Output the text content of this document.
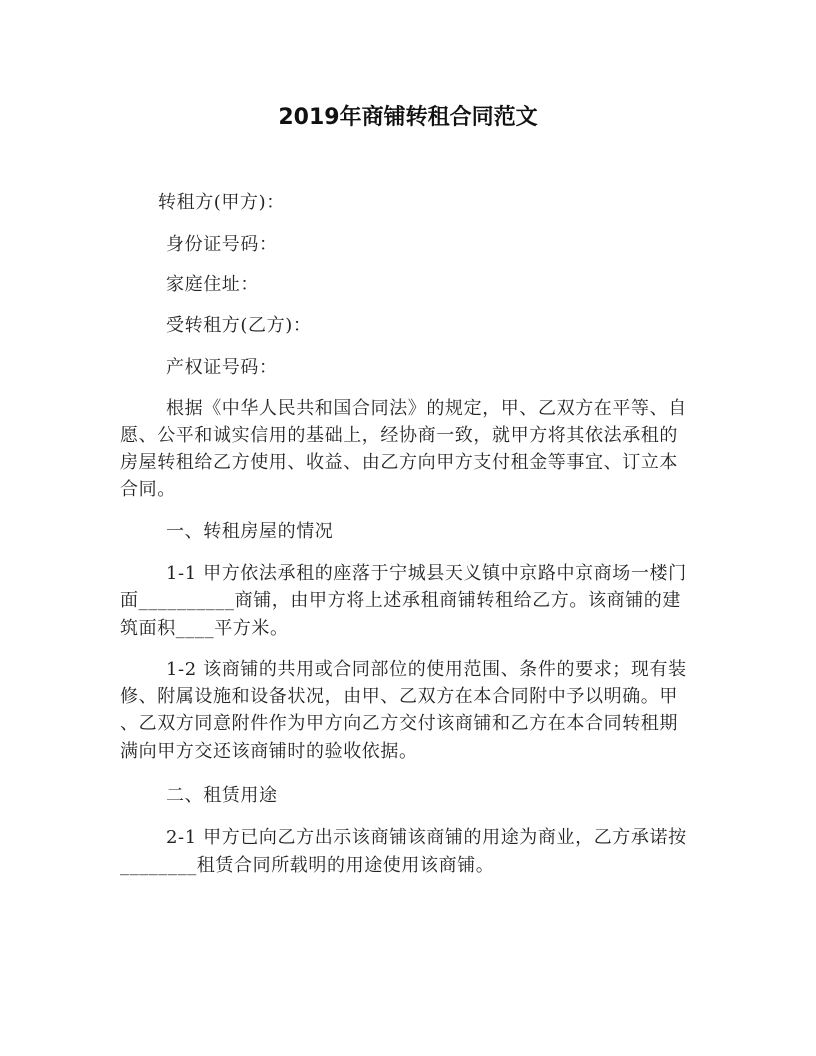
2019年商铺转租合同范文
转租方(甲方)：
身份证号码：
家庭住址：
受转租方(乙方)：
产权证号码：
根据《中华人民共和国合同法》的规定，甲、乙双方在平等、自
愿、公平和诚实信用的基础上，经协商一致，就甲方将其依法承租的
房屋转租给乙方使用、收益、由乙方向甲方支付租金等事宜、订立本
合同。
一、转租房屋的情况
1-1 甲方依法承租的座落于宁城县天义镇中京路中京商场一楼门
面__________商铺，由甲方将上述承租商铺转租给乙方。该商铺的建
筑面积____平方米。
1-2 该商铺的共用或合同部位的使用范围、条件的要求；现有装
修、附属设施和设备状况，由甲、乙双方在本合同附中予以明确。甲
、乙双方同意附件作为甲方向乙方交付该商铺和乙方在本合同转租期
满向甲方交还该商铺时的验收依据。
二、租赁用途
2-1 甲方已向乙方出示该商铺该商铺的用途为商业，乙方承诺按
________租赁合同所载明的用途使用该商铺。
